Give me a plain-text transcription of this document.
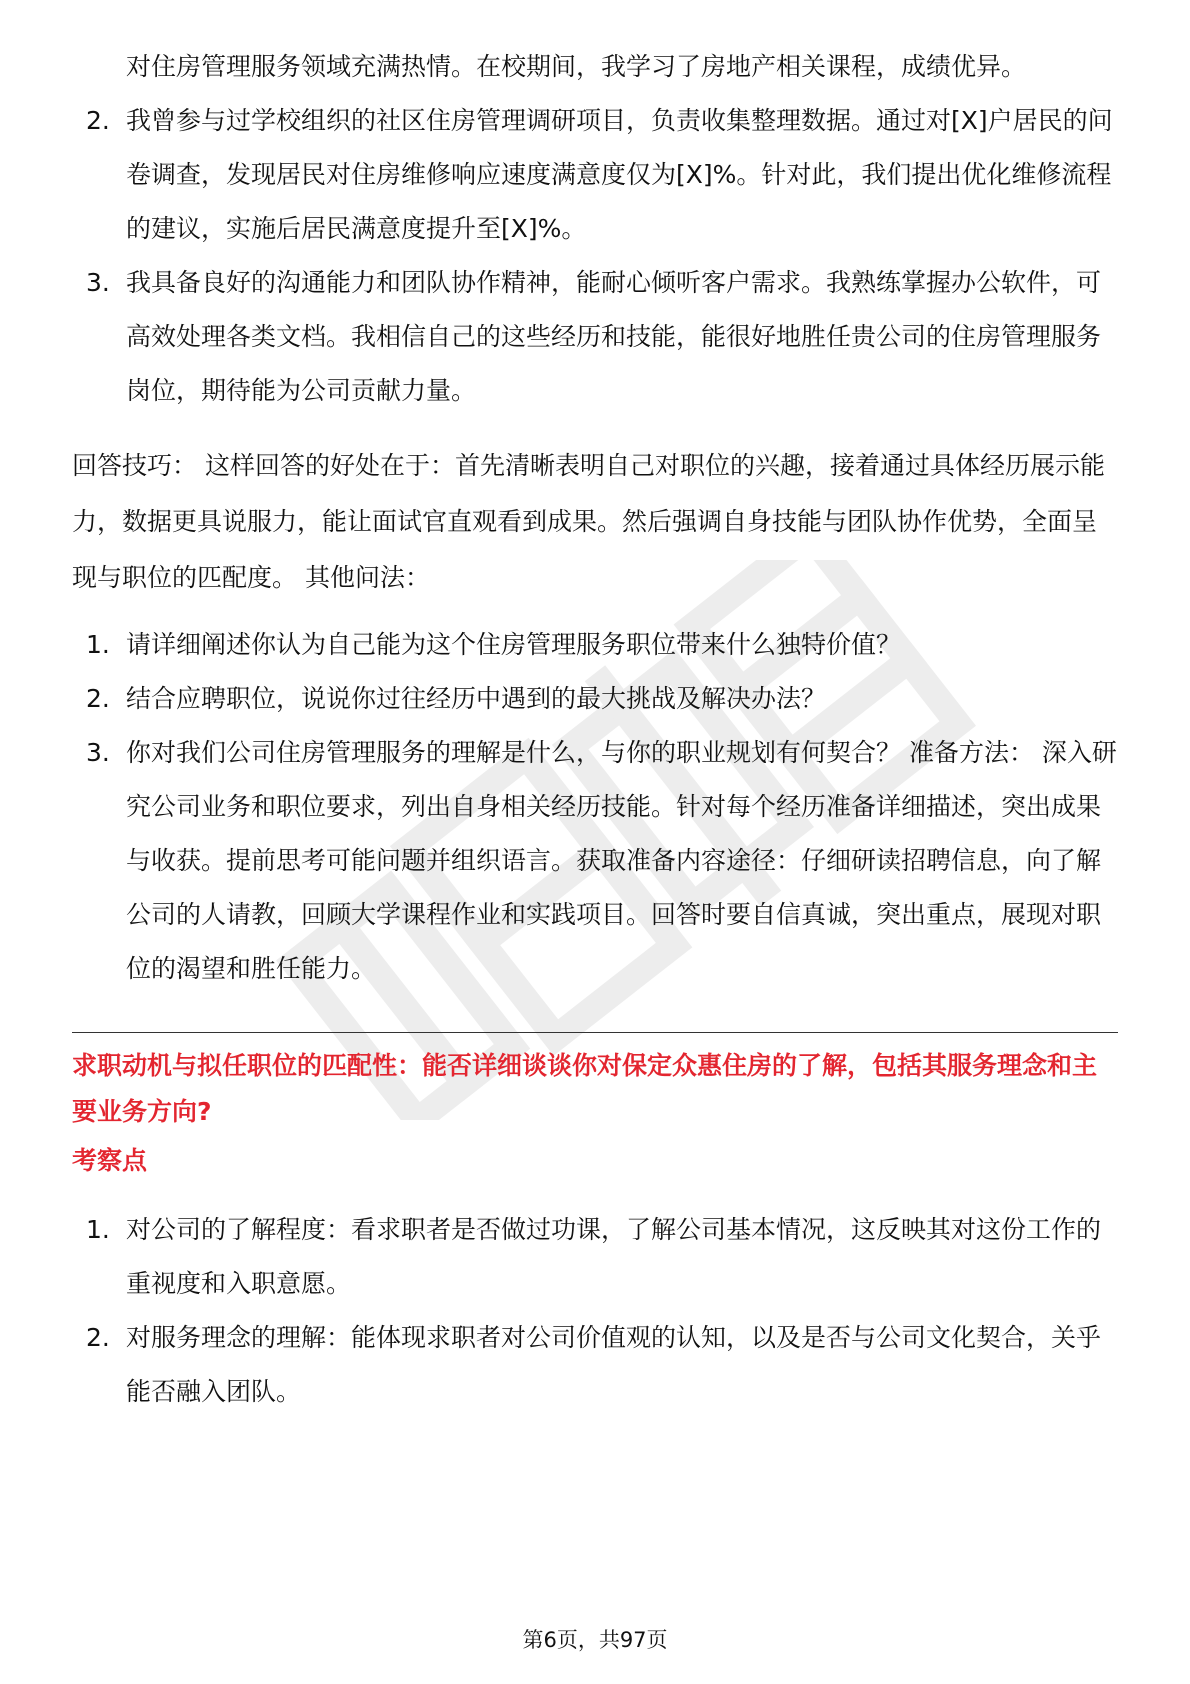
对住房管理服务领域充满热情。在校期间，我学习了房地产相关课程，成绩优异。
2. 我曾参与过学校组织的社区住房管理调研项目，负责收集整理数据。通过对[X]户居民的问卷调查，发现居民对住房维修响应速度满意度仅为[X]%。针对此，我们提出优化维修流程的建议，实施后居民满意度提升至[X]%。
3. 我具备良好的沟通能力和团队协作精神，能耐心倾听客户需求。我熟练掌握办公软件，可高效处理各类文档。我相信自己的这些经历和技能，能很好地胜任贵公司的住房管理服务岗位，期待能为公司贡献力量。

回答技巧： 这样回答的好处在于：首先清晰表明自己对职位的兴趣，接着通过具体经历展示能力，数据更具说服力，能让面试官直观看到成果。然后强调自身技能与团队协作优势，全面呈现与职位的匹配度。 其他问法：

1. 请详细阐述你认为自己能为这个住房管理服务职位带来什么独特价值？
2. 结合应聘职位，说说你过往经历中遇到的最大挑战及解决办法？
3. 你对我们公司住房管理服务的理解是什么，与你的职业规划有何契合？ 准备方法： 深入研究公司业务和职位要求，列出自身相关经历技能。针对每个经历准备详细描述，突出成果与收获。提前思考可能问题并组织语言。获取准备内容途径：仔细研读招聘信息，向了解公司的人请教，回顾大学课程作业和实践项目。回答时要自信真诚，突出重点，展现对职位的渴望和胜任能力。
求职动机与拟任职位的匹配性：能否详细谈谈你对保定众惠住房的了解，包括其服务理念和主要业务方向?
考察点
1. 对公司的了解程度：看求职者是否做过功课，了解公司基本情况，这反映其对这份工作的重视度和入职意愿。
2. 对服务理念的理解：能体现求职者对公司价值观的认知，以及是否与公司文化契合，关乎能否融入团队。
第6页，共97页
